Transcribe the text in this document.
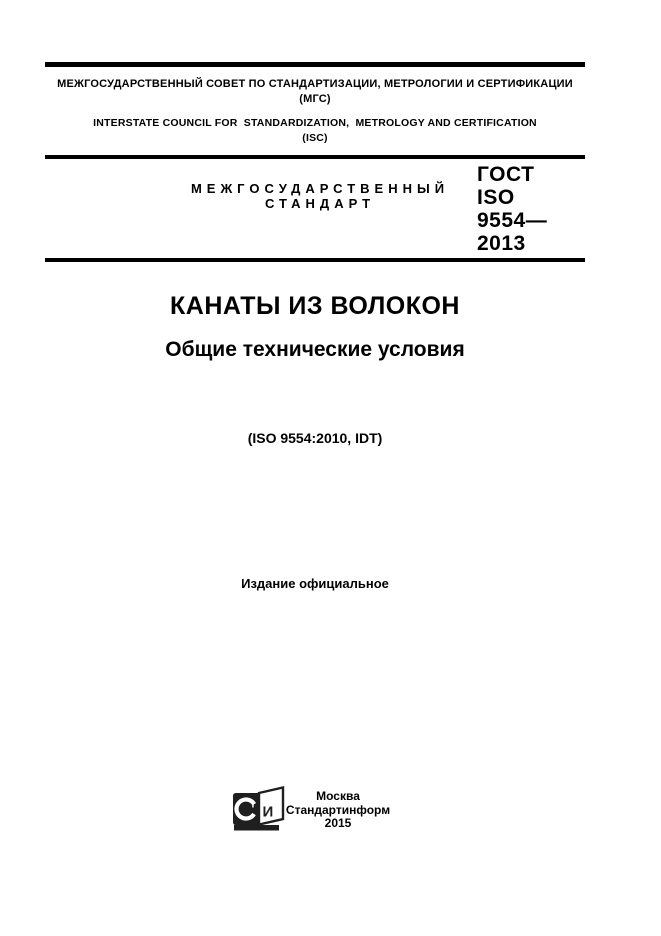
МЕЖГОСУДАРСТВЕННЫЙ СОВЕТ ПО СТАНДАРТИЗАЦИИ, МЕТРОЛОГИИ И СЕРТИФИКАЦИИ
(МГС)
INTERSTATE COUNCIL FOR  STANDARDIZATION,  METROLOGY AND CERTIFICATION
(ISC)
МЕЖГОСУДАРСТВЕННЫЙ
СТАНДАРТ
ГОСТ
ISO
9554—
2013
КАНАТЫ ИЗ ВОЛОКОН
Общие технические условия
(ISO 9554:2010, IDT)
Издание официальное
т И
Москва
Стандартинформ
2015
